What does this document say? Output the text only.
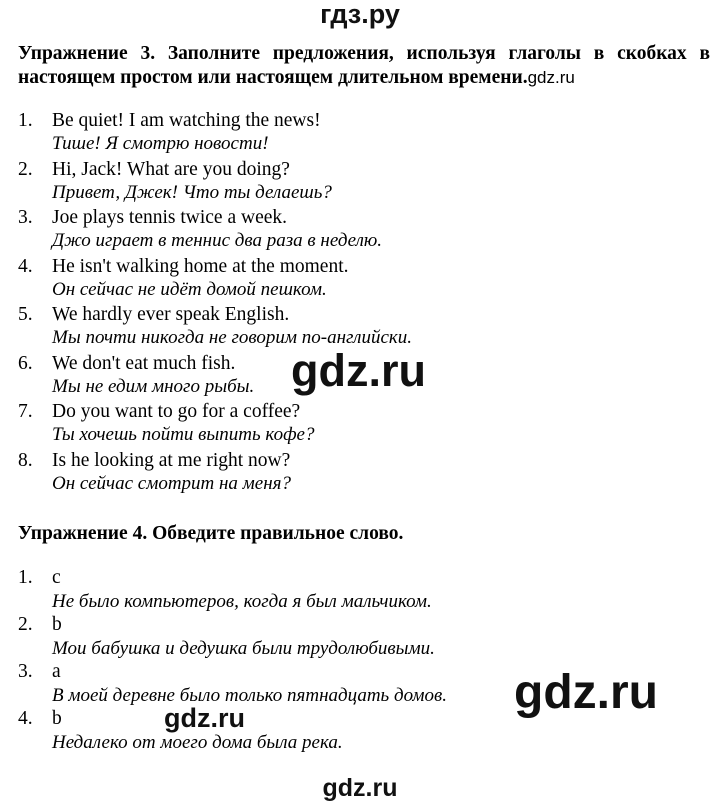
гдз.ру
Упражнение 3. Заполните предложения, используя глаголы в скобках в настоящем простом или настоящем длительном времени.gdz.ru
1. Be quiet! I am watching the news!
Тише! Я смотрю новости!
2. Hi, Jack! What are you doing?
Привет, Джек! Что ты делаешь?
3. Joe plays tennis twice a week.
Джо играет в теннис два раза в неделю.
4. He isn't walking home at the moment.
Он сейчас не идёт домой пешком.
5. We hardly ever speak English.
Мы почти никогда не говорим по-английски.
6. We don't eat much fish.
Мы не едим много рыбы.
7. Do you want to go for a coffee?
Ты хочешь пойти выпить кофе?
8. Is he looking at me right now?
Он сейчас смотрит на меня?
Упражнение 4. Обведите правильное слово.
1. c
Не было компьютеров, когда я был мальчиком.
2. b
Мои бабушка и дедушка были трудолюбивыми.
3. a
В моей деревне было только пятнадцать домов.
4. b
Недалеко от моего дома была река.
gdz.ru
gdz.ru
gdz.ru
gdz.ru
